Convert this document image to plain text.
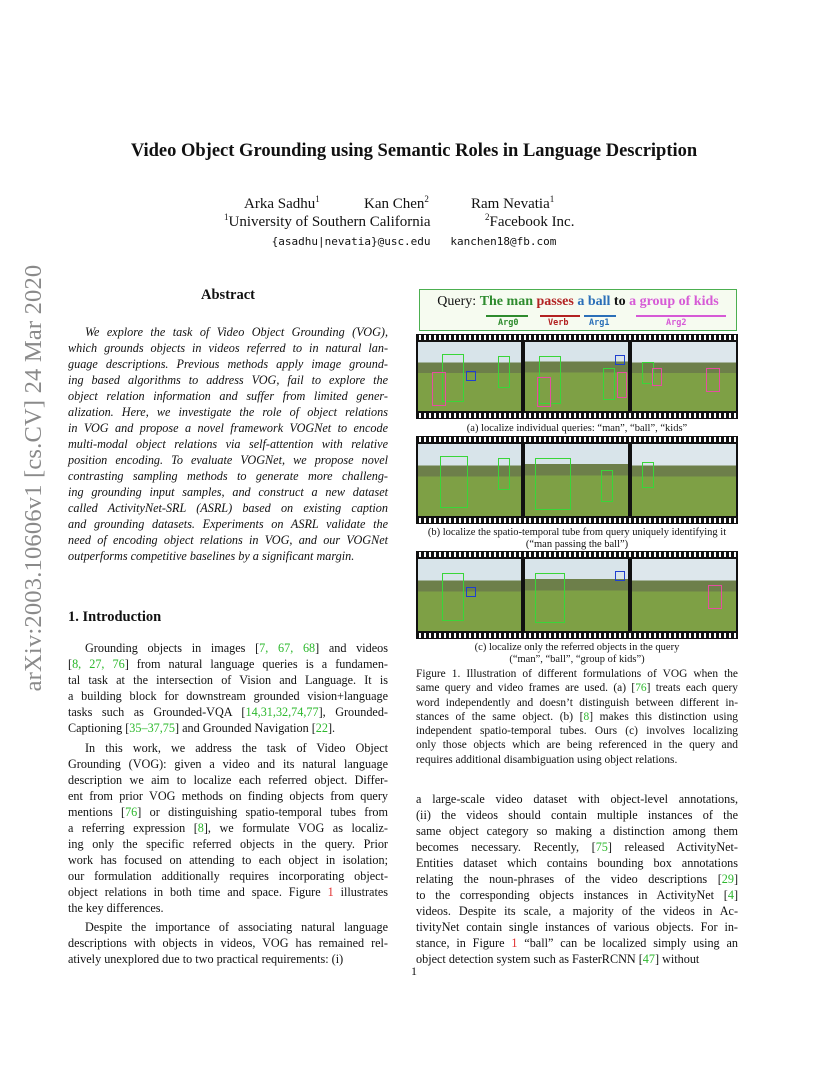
arXiv:2003.10606v1 [cs.CV] 24 Mar 2020
Video Object Grounding using Semantic Roles in Language Description
Arka Sadhu$^1$	Kan Chen$^2$	Ram Nevatia$^1$
$^1$University of Southern California	$^2$Facebook Inc.
{asadhu|nevatia}@usc.edu   kanchen18@fb.com
Abstract
We explore the task of Video Object Grounding (VOG),
which grounds objects in videos referred to in natural lan-
guage descriptions. Previous methods apply image ground-
ing based algorithms to address VOG, fail to explore the
object relation information and suffer from limited gener-
alization. Here, we investigate the role of object relations
in VOG and propose a novel framework VOGNet to encode
multi-modal object relations via self-attention with relative
position encoding. To evaluate VOGNet, we propose novel
contrasting sampling methods to generate more challeng-
ing grounding input samples, and construct a new dataset
called ActivityNet-SRL (ASRL) based on existing caption
and grounding datasets. Experiments on ASRL validate the
need of encoding object relations in VOG, and our VOGNet
outperforms competitive baselines by a significant margin.
1. Introduction
Grounding objects in images [7, 67, 68] and videos
[8, 27, 76] from natural language queries is a fundamen-
tal task at the intersection of Vision and Language. It is
a building block for downstream grounded vision+language
tasks such as Grounded-VQA [14,31,32,74,77], Grounded-
Captioning [35–37,75] and Grounded Navigation [22].
In this work, we address the task of Video Object
Grounding (VOG): given a video and its natural language
description we aim to localize each referred object. Differ-
ent from prior VOG methods on finding objects from query
mentions [76] or distinguishing spatio-temporal tubes from
a referring expression [8], we formulate VOG as localiz-
ing only the specific referred objects in the query. Prior
work has focused on attending to each object in isolation;
our formulation additionally requires incorporating object-
object relations in both time and space. Figure 1 illustrates
the key differences.
Despite the importance of associating natural language
descriptions with objects in videos, VOG has remained rel-
atively unexplored due to two practical requirements: (i)
Query: The man passes a ball to a group of kids
Arg0	Verb Arg1	Arg2
(a) localize individual queries: “man”, “ball”, “kids”
(b) localize the spatio-temporal tube from query uniquely identifying it
(“man passing the ball”)
(c) localize only the referred objects in the query
(“man”, “ball”, “group of kids”)
Figure 1. Illustration of different formulations of VOG when the
same query and video frames are used. (a) [76] treats each query
word independently and doesn’t distinguish between different in-
stances of the same object. (b) [8] makes this distinction using
independent spatio-temporal tubes. Ours (c) involves localizing
only those objects which are being referenced in the query and
requires additional disambiguation using object relations.
a large-scale video dataset with object-level annotations,
(ii) the videos should contain multiple instances of the
same object category so making a distinction among them
becomes necessary. Recently, [75] released ActivityNet-
Entities dataset which contains bounding box annotations
relating the noun-phrases of the video descriptions [29]
to the corresponding objects instances in ActivityNet [4]
videos. Despite its scale, a majority of the videos in Ac-
tivityNet contain single instances of various objects. For in-
stance, in Figure 1 “ball” can be localized simply using an
object detection system such as FasterRCNN [47] without
1
